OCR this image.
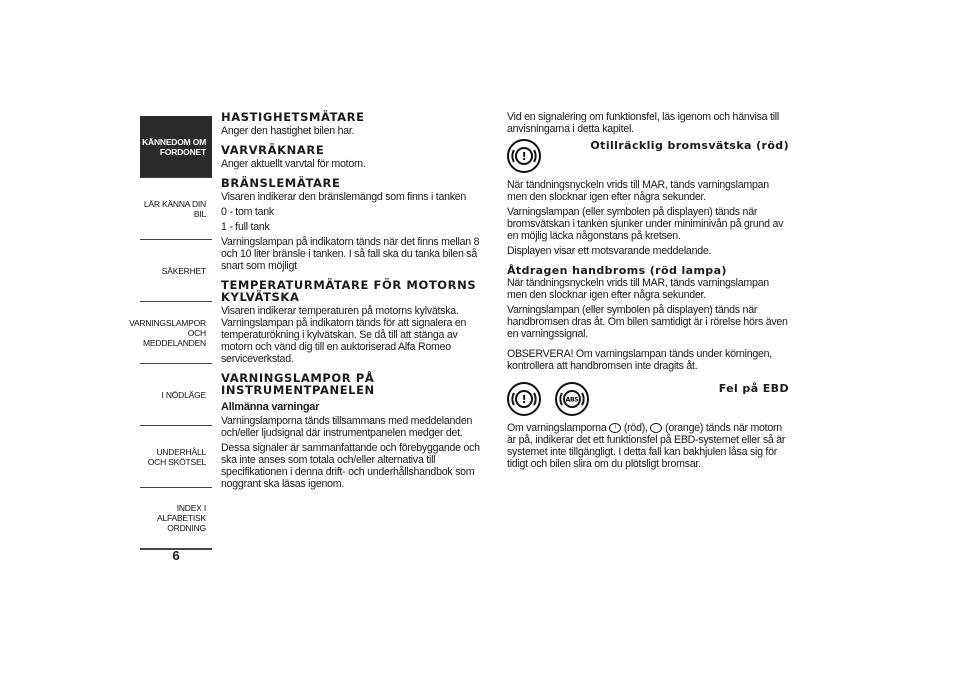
KÄNNEDOM OM FORDONET
LÄR KÄNNA DIN BIL
SÄKERHET
VARNINGSLAMPOR OCH MEDDELANDEN
I NÖDLÄGE
UNDERHÅLL OCH SKÖTSEL
INDEX I ALFABETISK ORDNING
6
HASTIGHETSMÄTARE

Anger den hastighet bilen har.

VARVRÄKNARE

Anger aktuellt varvtal för motorn.

BRÄNSLEMÄTARE

Visaren indikerar den bränslemängd som finns i tanken

0 - tom tank

1 - full tank

Varningslampan på indikatorn tänds när det finns mellan 8 och 10 liter bränsle i tanken. I så fall ska du tanka bilen så snart som möjligt

TEMPERATURMÄTARE FÖR MOTORNS KYLVÄTSKA

Visaren indikerar temperaturen på motorns kylvätska. Varningslampan på indikatorn tänds för att signalera en temperaturökning i kylvätskan. Se då till att stänga av motorn och vänd dig till en auktoriserad Alfa Romeo serviceverkstad.

VARNINGSLAMPOR PÅ INSTRUMENTPANELEN
Allmänna varningar

Varningslamporna tänds tillsammans med meddelanden och/eller ljudsignal där instrumentpanelen medger det.

Dessa signaler är sammanfattande och förebyggande och ska inte anses som totala och/eller alternativa till specifikationen i denna drift- och underhållshandbok som noggrant ska läsas igenom.

Vid en signalering om funktionsfel, läs igenom och hänvisa till anvisningarna i detta kapitel.

!
Otillräcklig bromsvätska (röd)

När tändningsnyckeln vrids till MAR, tänds varningslampan men den slocknar igen efter några sekunder.

Varningslampan (eller symbolen på displayen) tänds när bromsvätskan i tanken sjunker under miniminivån på grund av en möjlig läcka någonstans på kretsen.

Displayen visar ett motsvarande meddelande.

Åtdragen handbroms (röd lampa)

När tändningsnyckeln vrids till MAR, tänds varningslampan men den slocknar igen efter några sekunder.

Varningslampan (eller symbolen på displayen) tänds när handbromsen dras åt. Om bilen samtidigt är i rörelse hörs även en varningssignal.

OBSERVERA! Om varningslampan tänds under körningen, kontrollera att handbromsen inte dragits åt.

!	ABS
Fel på EBD

Om varningslamporna ! (röd), (orange) tänds när motorn är på, indikerar det ett funktionsfel på EBD-systemet eller så är systemet inte tillgängligt. I detta fall kan bakhjulen låsa sig för tidigt och bilen slira om du plötsligt bromsar.
